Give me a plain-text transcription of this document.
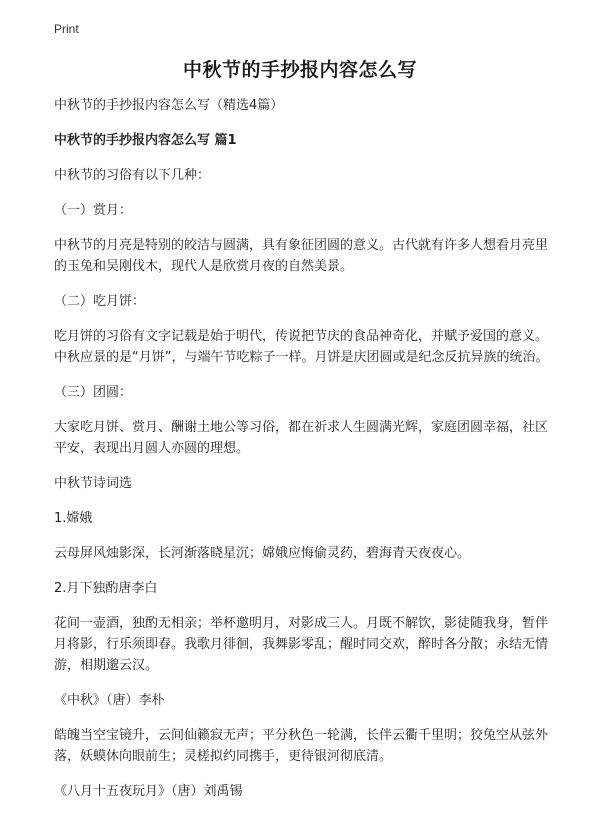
Print
中秋节的手抄报内容怎么写

中秋节的手抄报内容怎么写（精选4篇）

中秋节的手抄报内容怎么写 篇1

中秋节的习俗有以下几种：

（一）赏月：

中秋节的月亮是特别的皎洁与圆满，具有象征团圆的意义。古代就有许多人想看月亮里的玉兔和吴刚伐木，现代人是欣赏月夜的自然美景。

（二）吃月饼：

吃月饼的习俗有文字记载是始于明代，传说把节庆的食品神奇化，并赋予爱国的意义。中秋应景的是“月饼”，与端午节吃粽子一样。月饼是庆团圆或是纪念反抗异族的统治。

（三）团圆：

大家吃月饼、赏月、酬谢土地公等习俗，都在祈求人生圆满光辉，家庭团圆幸福，社区平安，表现出月圆人亦圆的理想。

中秋节诗词选

1.嫦娥

云母屏风烛影深，长河渐落晓星沉；嫦娥应悔偷灵药，碧海青天夜夜心。

2.月下独酌唐李白

花间一壶酒，独酌无相亲；举杯邀明月，对影成三人。月既不解饮，影徒随我身，暂伴月将影，行乐须即春。我歌月徘徊，我舞影零乱；醒时同交欢，醉时各分散；永结无情游，相期邈云汉。

《中秋》（唐）李朴

皓魄当空宝镜升，云间仙籁寂无声；平分秋色一轮满，长伴云衢千里明；狡兔空从弦外落，妖蟆休向眼前生；灵槎拟约同携手，更待银河彻底清。

《八月十五夜玩月》（唐）刘禹锡
